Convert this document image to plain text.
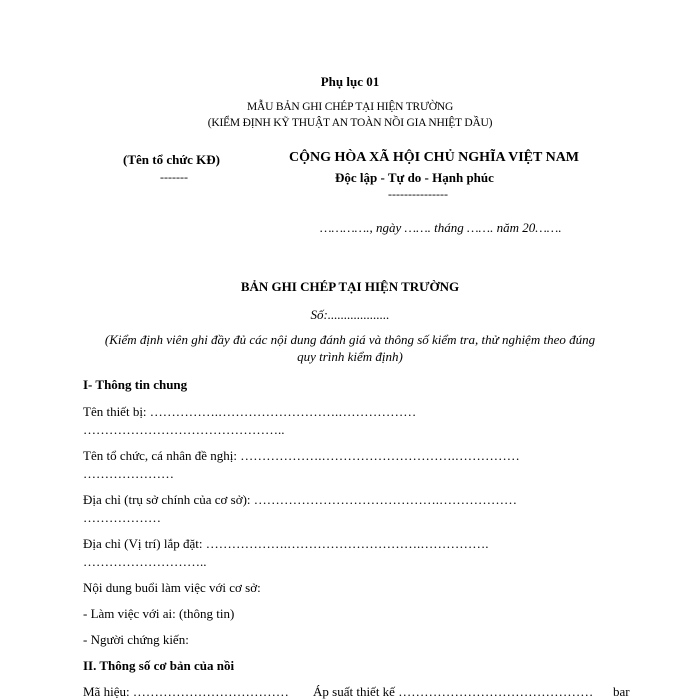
Phụ lục 01
MẪU BẢN GHI CHÉP TẠI HIỆN TRƯỜNG
(KIỂM ĐỊNH KỸ THUẬT AN TOÀN NỒI GIA NHIỆT DẦU)
(Tên tổ chức KĐ)
-------
CỘNG HÒA XÃ HỘI CHỦ NGHĨA VIỆT NAM
Độc lập - Tự do - Hạnh phúc
---------------
…………., ngày ……. tháng ……. năm 20…….
BẢN GHI CHÉP TẠI HIỆN TRƯỜNG
Số:...................
(Kiểm định viên ghi đầy đủ các nội dung đánh giá và thông số kiểm tra, thử nghiệm theo đúng
quy trình kiểm định)
I- Thông tin chung
Tên thiết bị: …………….……………………….………………
………………………………………..
Tên tổ chức, cá nhân đề nghị: ……………….………………………….……………
…………………
Địa chỉ (trụ sở chính của cơ sở): …………………………………….………………
………………
Địa chỉ (Vị trí) lắp đặt: ……………….………………………….…………….
………………………..
Nội dung buổi làm việc với cơ sở:
- Làm việc với ai: (thông tin)
- Người chứng kiến:
II. Thông số cơ bản của nồi
Mã hiệu: ……………………………… Áp suất thiết kế ……………………………………… bar
